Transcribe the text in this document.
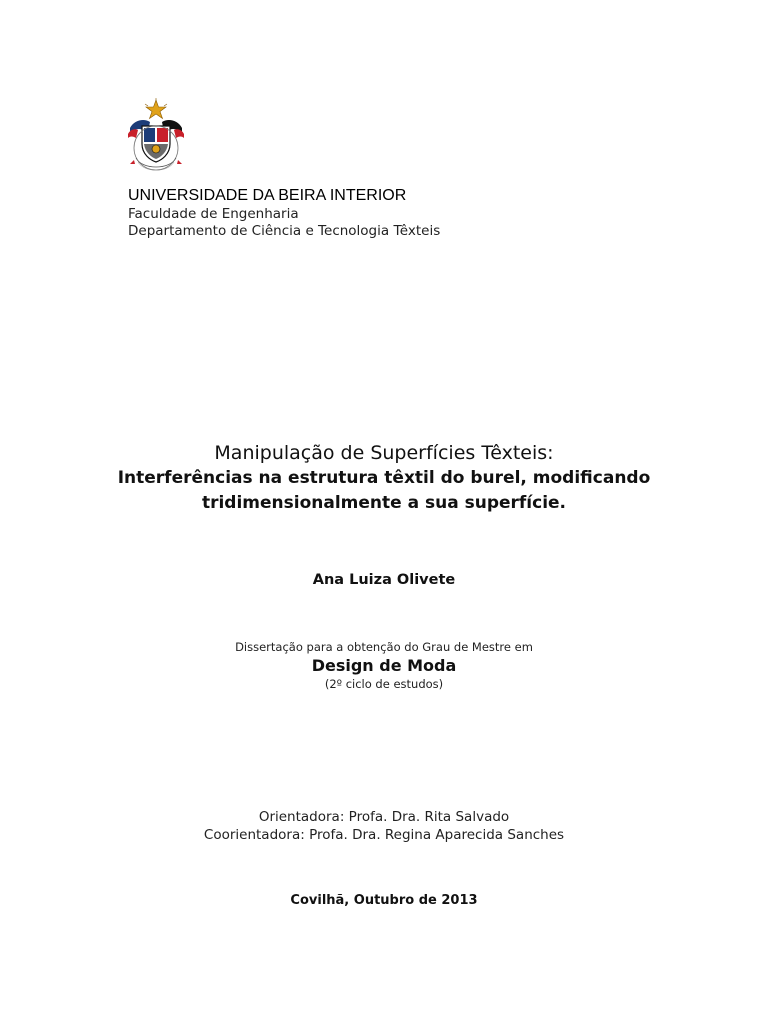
UNIVERSIDADE DA BEIRA INTERIOR
Faculdade de Engenharia
Departamento de Ciência e Tecnologia Têxteis
Manipulação de Superfícies Têxteis:
Interferências na estrutura têxtil do burel, modificando
tridimensionalmente a sua superfície.
Ana Luiza Olivete
Dissertação para a obtenção do Grau de Mestre em
Design de Moda
(2º ciclo de estudos)
Orientadora: Profa. Dra. Rita Salvado
Coorientadora: Profa. Dra. Regina Aparecida Sanches
Covilhã, Outubro de 2013
